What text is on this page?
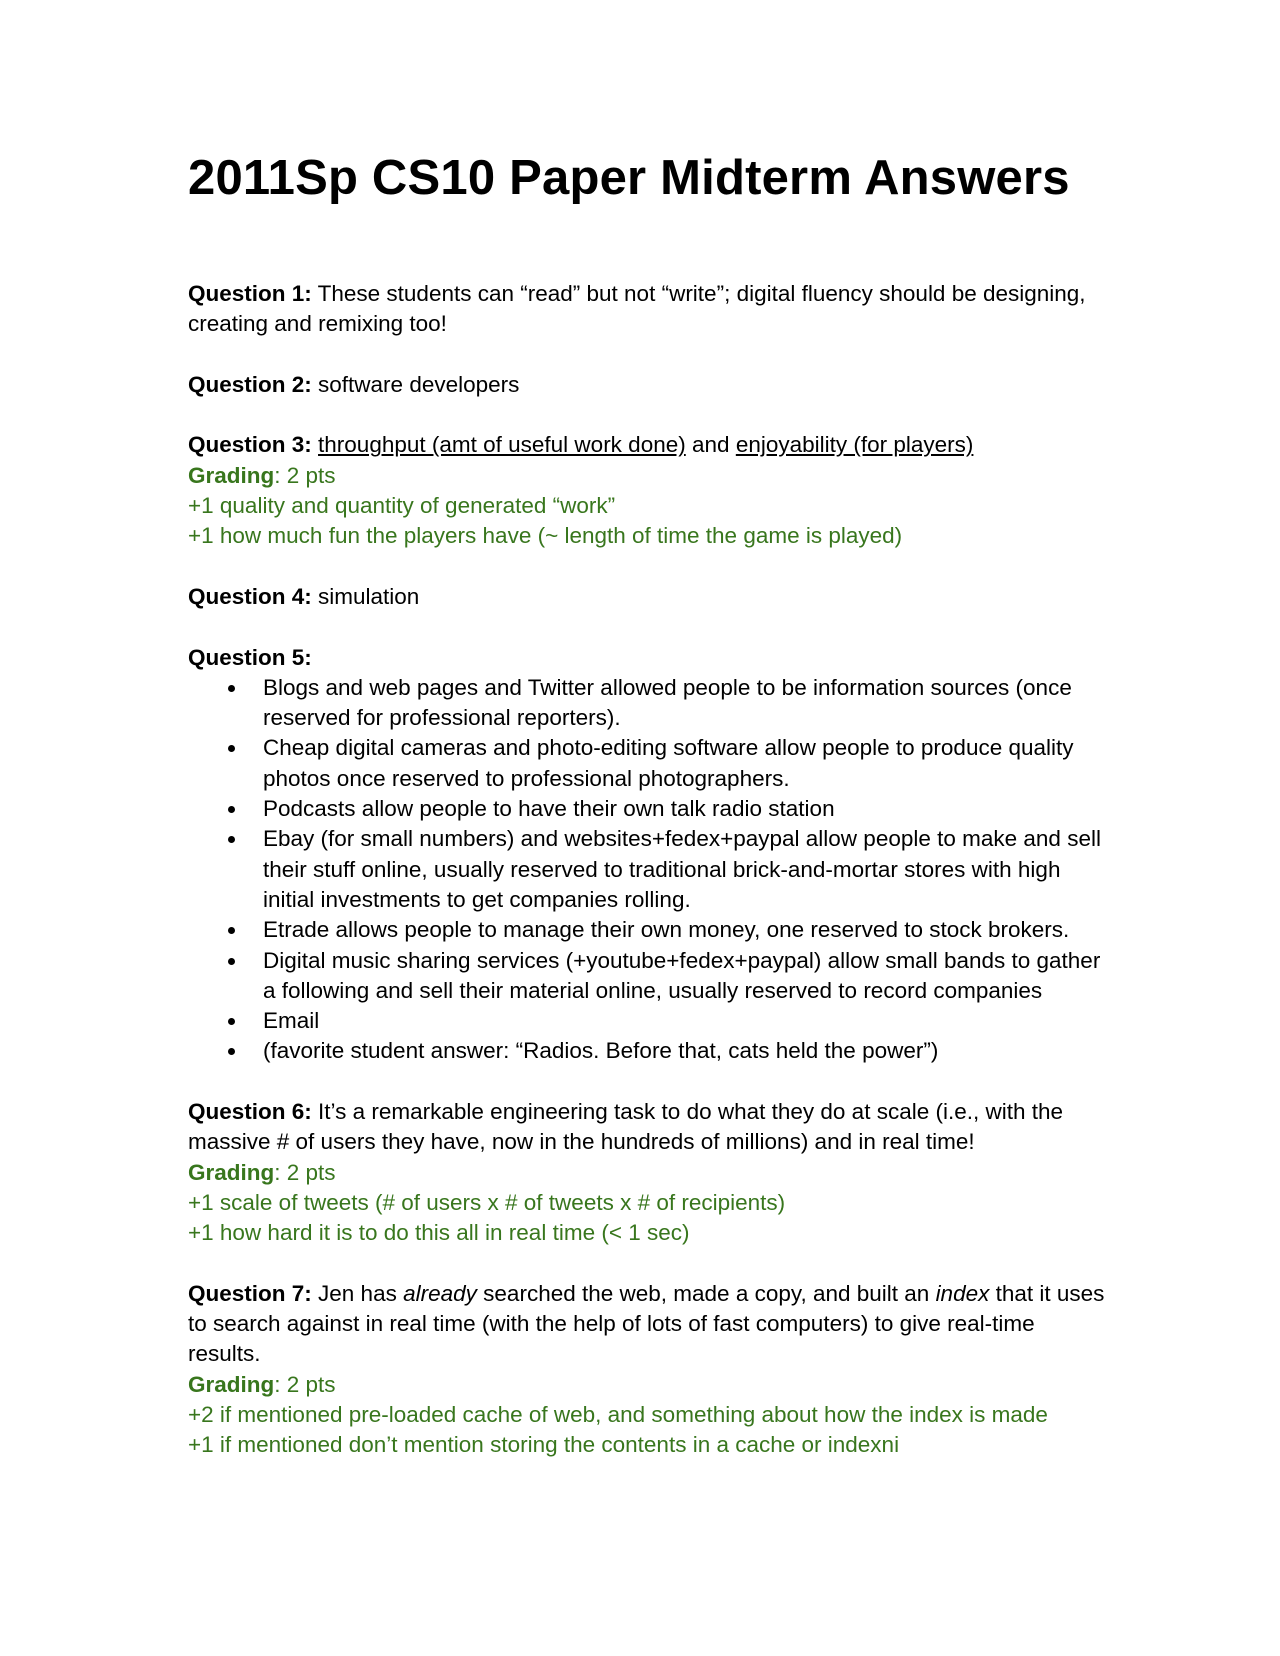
2011Sp CS10 Paper Midterm Answers

Question 1: These students can “read” but not “write”; digital fluency should be designing, creating and remixing too!

Question 2: software developers

Question 3: throughput (amt of useful work done) and enjoyability (for players)

Grading: 2 pts

+1 quality and quantity of generated “work”

+1 how much fun the players have (~ length of time the game is played)

Question 4: simulation

Question 5:

Blogs and web pages and Twitter allowed people to be information sources (once reserved for professional reporters).
Cheap digital cameras and photo-editing software allow people to produce quality photos once reserved to professional photographers.
Podcasts allow people to have their own talk radio station
Ebay (for small numbers) and websites+fedex+paypal allow people to make and sell their stuff online, usually reserved to traditional brick-and-mortar stores with high initial investments to get companies rolling.
Etrade allows people to manage their own money, one reserved to stock brokers.
Digital music sharing services (+youtube+fedex+paypal) allow small bands to gather a following and sell their material online, usually reserved to record companies
Email
(favorite student answer: “Radios. Before that, cats held the power”)

Question 6: It’s a remarkable engineering task to do what they do at scale (i.e., with the massive # of users they have, now in the hundreds of millions) and in real time!

Grading: 2 pts

+1 scale of tweets (# of users x # of tweets x # of recipients)

+1 how hard it is to do this all in real time (< 1 sec)

Question 7: Jen has already searched the web, made a copy, and built an index that it uses to search against in real time (with the help of lots of fast computers) to give real-time results.

Grading: 2 pts

+2 if mentioned pre-loaded cache of web, and something about how the index is made

+1 if mentioned don’t mention storing the contents in a cache or indexni
